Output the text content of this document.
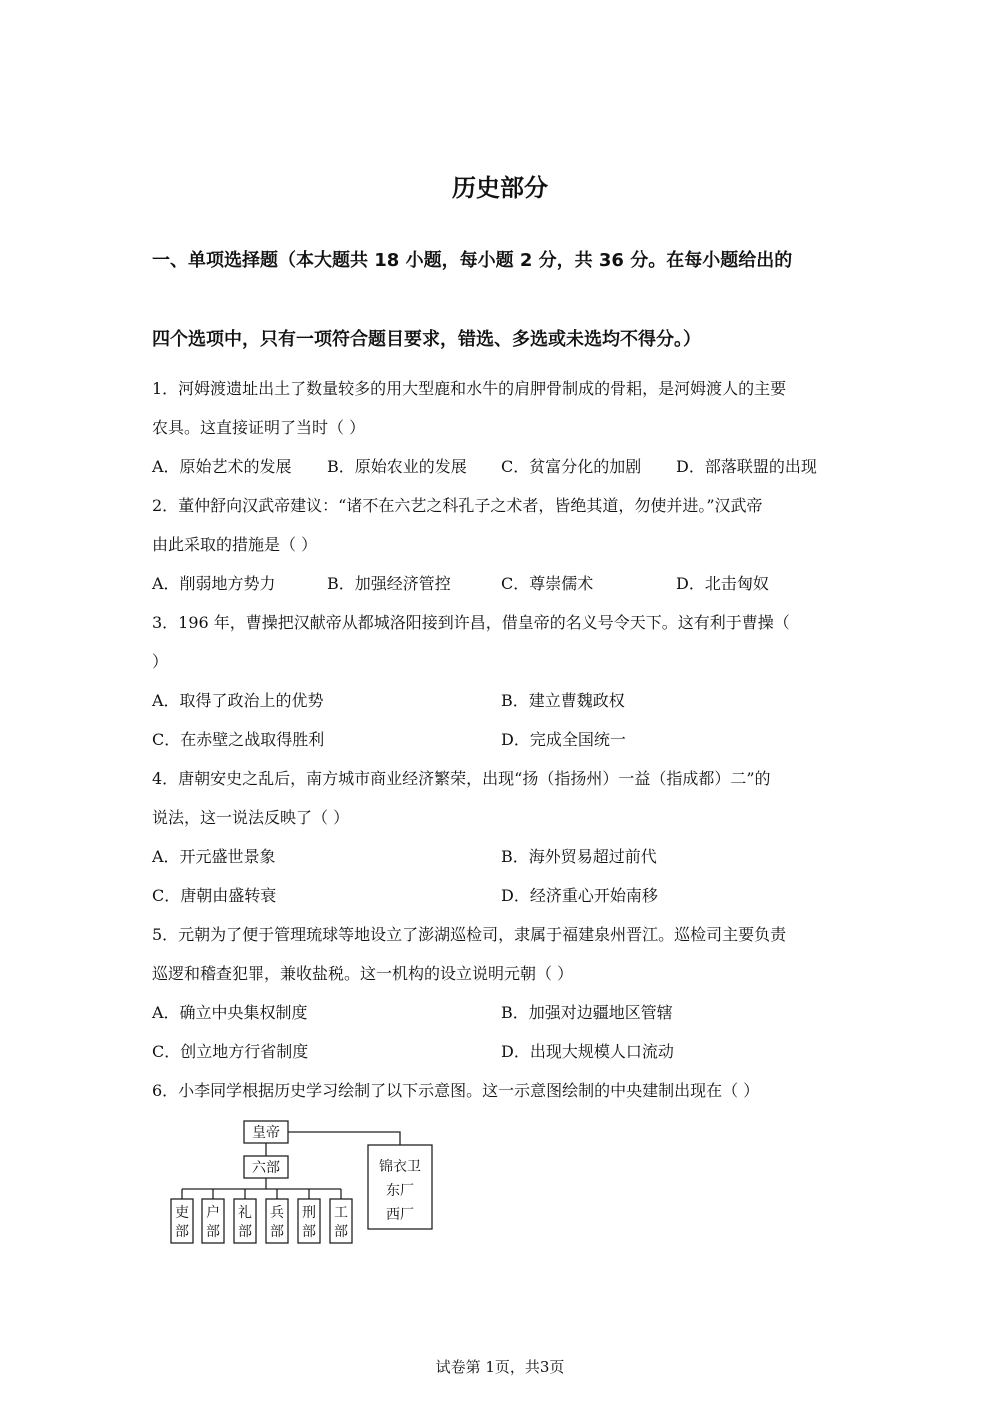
历史部分
一、单项选择题（本大题共 18 小题，每小题 2 分，共 36 分。在每小题给出的
四个选项中，只有一项符合题目要求，错选、多选或未选均不得分。）
1．河姆渡遗址出土了数量较多的用大型鹿和水牛的肩胛骨制成的骨耜，是河姆渡人的主要
农具。这直接证明了当时（ ）
A．原始艺术的发展 B．原始农业的发展 C．贫富分化的加剧 D．部落联盟的出现
2．董仲舒向汉武帝建议：“诸不在六艺之科孔子之术者，皆绝其道，勿使并进。”汉武帝
由此采取的措施是（ ）
A．削弱地方势力	B．加强经济管控	C．尊崇儒术	D．北击匈奴
3．196 年，曹操把汉献帝从都城洛阳接到许昌，借皇帝的名义号令天下。这有利于曹操（
）
A．取得了政治上的优势	B．建立曹魏政权
C．在赤壁之战取得胜利	D．完成全国统一
4．唐朝安史之乱后，南方城市商业经济繁荣，出现“扬（指扬州）一益（指成都）二”的
说法，这一说法反映了（ ）
A．开元盛世景象	B．海外贸易超过前代
C．唐朝由盛转衰	D．经济重心开始南移
5．元朝为了便于管理琉球等地设立了澎湖巡检司，隶属于福建泉州晋江。巡检司主要负责
巡逻和稽查犯罪，兼收盐税。这一机构的设立说明元朝（ ）
A．确立中央集权制度	B．加强对边疆地区管辖
C．创立地方行省制度	D．出现大规模人口流动
6．小李同学根据历史学习绘制了以下示意图。这一示意图绘制的中央建制出现在（ ）
皇帝
六部
吏
部
户
部
礼
部
兵
部
刑
部
工
部
锦衣卫
东厂
西厂
试卷第 1页，共3页
